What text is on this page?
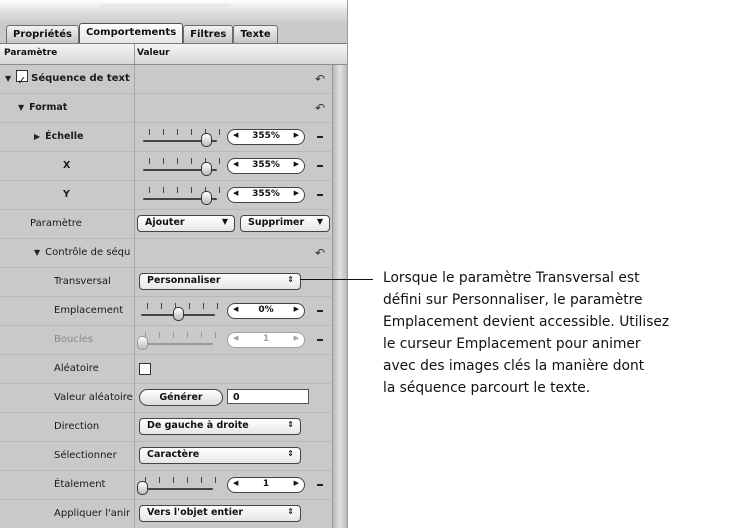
Propriétés	Comportements	Filtres	Texte
Paramètre	Valeur
▼ ✓ Séquence de text	↶
▼ Format	↶
▶ Échelle	◀	355%	▶
X	◀	355%	▶
Y	◀	355%	▶
Paramètre	Ajouter	▼ Supprimer ▼
▼ Contrôle de séqu	↶
Transversal	Personnaliser	⇕
Emplacement	◀	0%	▶
Boucles	◀	1	▶
Aléatoire
Valeur aléatoire	Générer	0
Direction	De gauche à droite	⇕
Sélectionner	Caractère	⇕
Étalement	◀	1	▶
Appliquer l'anir	Vers l'objet entier	⇕
Lorsque le paramètre Transversal est
défini sur Personnaliser, le paramètre
Emplacement devient accessible. Utilisez
le curseur Emplacement pour animer
avec des images clés la manière dont
la séquence parcourt le texte.
